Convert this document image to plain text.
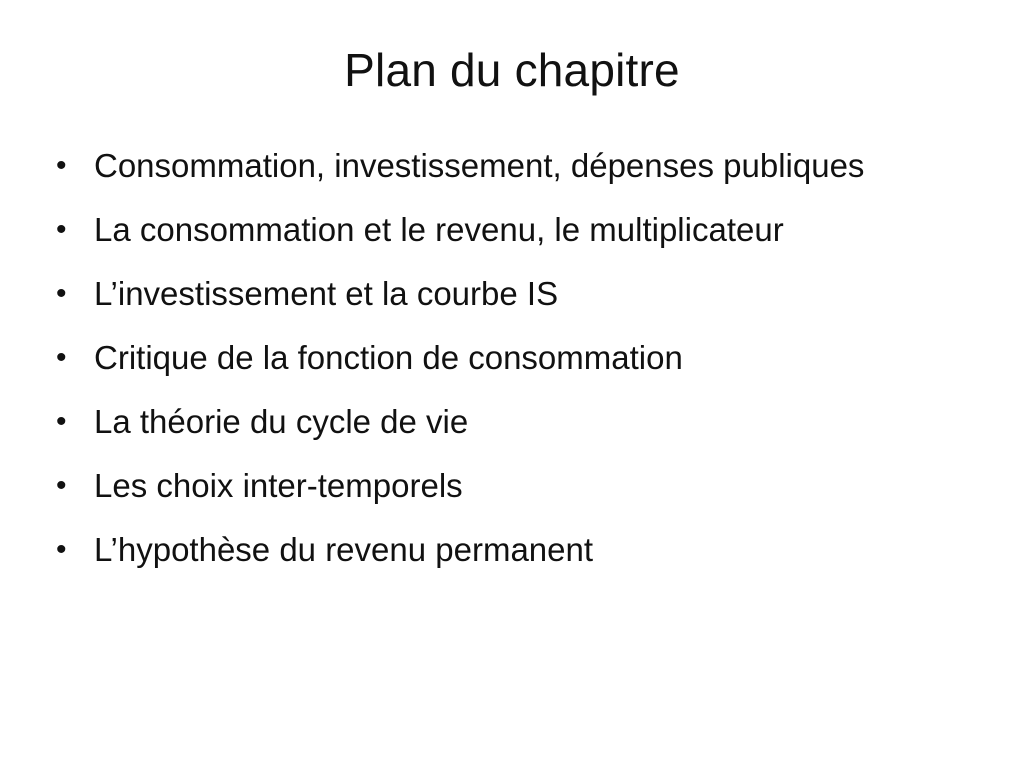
Plan du chapitre
• Consommation, investissement, dépenses publiques
• La consommation et le revenu, le multiplicateur
• L’investissement et la courbe IS
• Critique de la fonction de consommation
• La théorie du cycle de vie
• Les choix inter-temporels
• L’hypothèse du revenu permanent
